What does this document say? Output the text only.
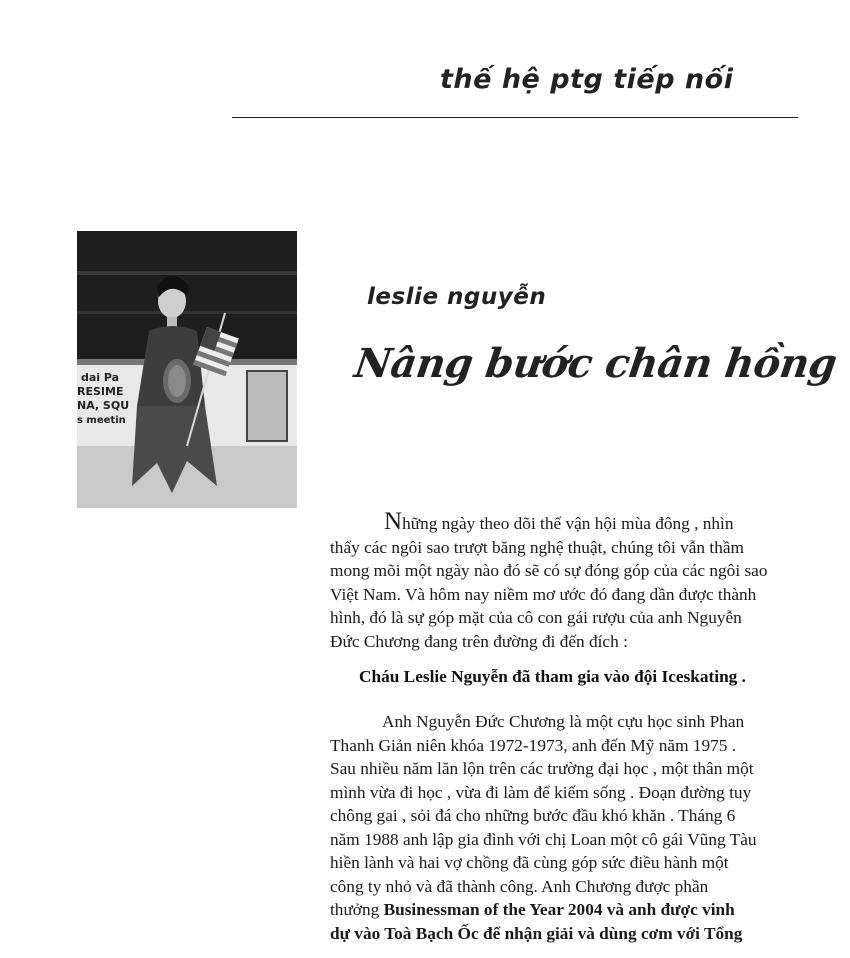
thế hệ ptg tiếp nối
dai Pa
RESIME
NA, SQU
s meetin
leslie nguyễn
Nâng bước chân hồng
Những ngày theo dõi thế vận hội mùa đông , nhìn
thấy các ngôi sao trượt băng nghệ thuật, chúng tôi vẫn thầm
mong mõi một ngày nào đó sẽ có sự đóng góp của các ngôi sao
Việt Nam. Và hôm nay niềm mơ ước đó đang dần được thành
hình, đó là sự góp mặt của cô con gái rượu của anh Nguyễn
Đức Chương đang trên đường đi đến đích :
Cháu Leslie Nguyễn đã tham gia vào đội Iceskating .
Anh Nguyễn Đức Chương là một cựu học sinh Phan
Thanh Giản niên khóa 1972-1973, anh đến Mỹ năm 1975 .
Sau nhiều năm lăn lộn trên các trường đại học , một thân một
mình vừa đi học , vừa đi làm để kiếm sống . Đoạn đường tuy
chông gai , sỏi đá cho những bước đầu khó khăn . Tháng 6
năm 1988 anh lập gia đình với chị Loan một cô gái Vũng Tàu
hiền lành và hai vợ chồng đã cùng góp sức điều hành một
công ty nhỏ và đã thành công. Anh Chương được phần
thưởng Businessman of the Year 2004 và anh được vinh
dự vào Toà Bạch Ốc để nhận giải và dùng cơm với Tổng
